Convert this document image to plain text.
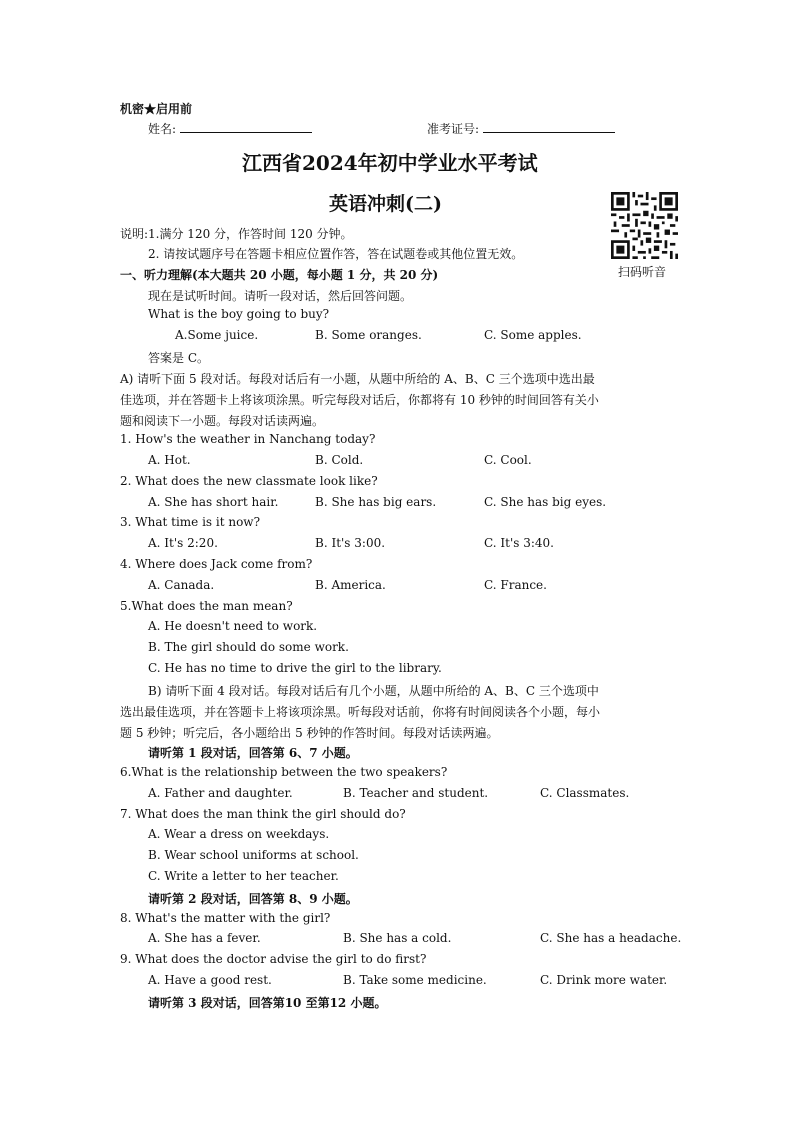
机密★启用前
姓名:	准考证号:
江西省2024年初中学业水平考试
英语冲刺(二)
扫码听音
说明:1.满分 120 分，作答时间 120 分钟。
2. 请按试题序号在答题卡相应位置作答，答在试题卷或其他位置无效。
一、听力理解(本大题共 20 小题，每小题 1 分，共 20 分)
现在是试听时间。请听一段对话，然后回答问题。
What is the boy going to buy?
A.Some juice.	B. Some oranges.	C. Some apples.
答案是 C。
A) 请听下面 5 段对话。每段对话后有一小题，从题中所给的 A、B、C 三个选项中选出最
佳选项，并在答题卡上将该项涂黑。听完每段对话后，你都将有 10 秒钟的时间回答有关小
题和阅读下一小题。每段对话读两遍。
1. How's the weather in Nanchang today?
A. Hot.	B. Cold.	C. Cool.
2. What does the new classmate look like?
A. She has short hair.	B. She has big ears.	C. She has big eyes.
3. What time is it now?
A. It's 2:20.	B. It's 3:00.	C. It's 3:40.
4. Where does Jack come from?
A. Canada.	B. America.	C. France.
5.What does the man mean?
A. He doesn't need to work.
B. The girl should do some work.
C. He has no time to drive the girl to the library.
B) 请听下面 4 段对话。每段对话后有几个小题，从题中所给的 A、B、C 三个选项中
选出最佳选项，并在答题卡上将该项涂黑。听每段对话前，你将有时间阅读各个小题，每小
题 5 秒钟；听完后，各小题给出 5 秒钟的作答时间。每段对话读两遍。
请听第 1 段对话，回答第 6、7 小题。
6.What is the relationship between the two speakers?
A. Father and daughter.	B. Teacher and student.	C. Classmates.
7. What does the man think the girl should do?
A. Wear a dress on weekdays.
B. Wear school uniforms at school.
C. Write a letter to her teacher.
请听第 2 段对话，回答第 8、9 小题。
8. What's the matter with the girl?
A. She has a fever.	B. She has a cold.	C. She has a headache.
9. What does the doctor advise the girl to do first?
A. Have a good rest.	B. Take some medicine.	C. Drink more water.
请听第 3 段对话，回答第10 至第12 小题。
